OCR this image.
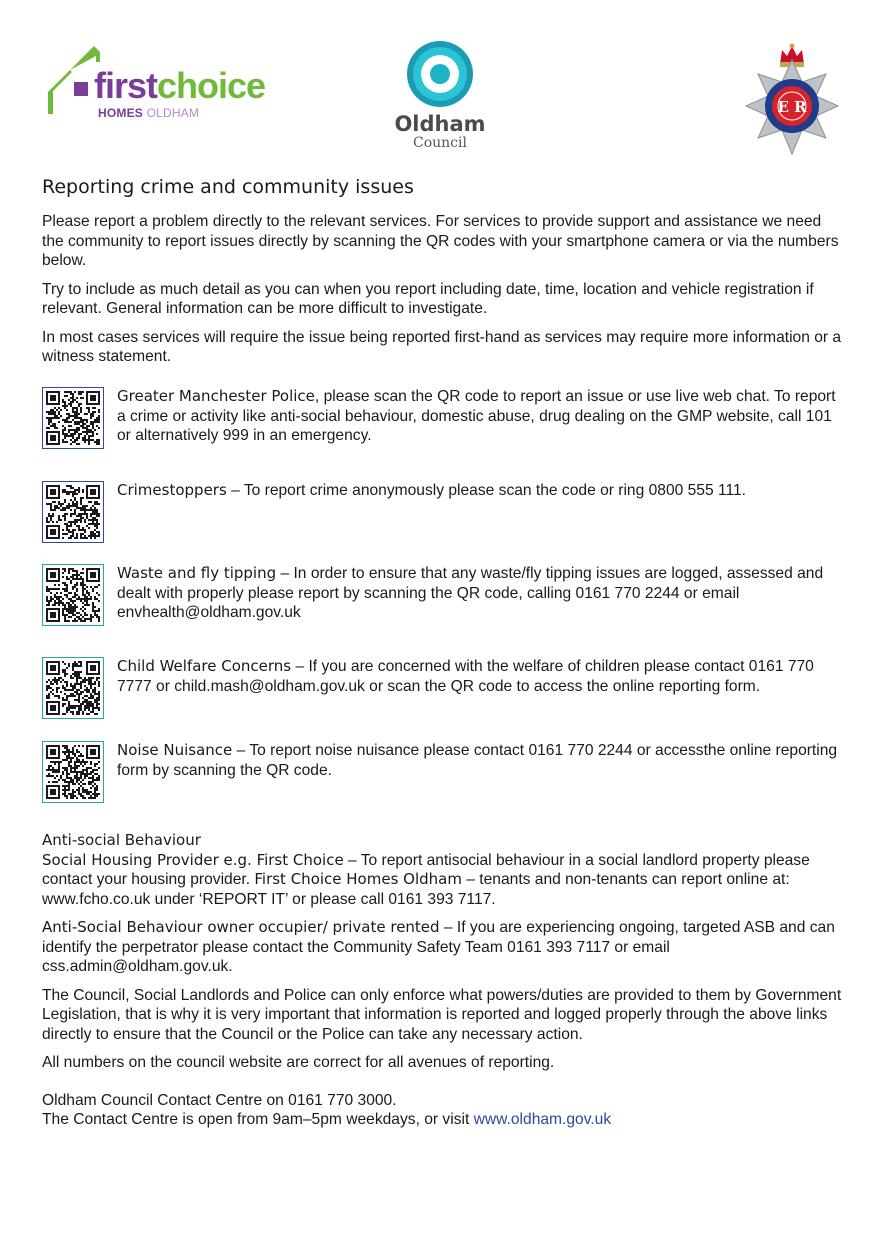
firstchoice
HOMES OLDHAM	Oldham
Council
E R
Reporting crime and community issues

Please report a problem directly to the relevant services. For services to provide support and assistance we need the community to report issues directly by scanning the QR codes with your smartphone camera or via the numbers below.

Try to include as much detail as you can when you report including date, time, location and vehicle registration if relevant. General information can be more difficult to investigate.

In most cases services will require the issue being reported first-hand as services may require more information or a witness statement.

Greater Manchester Police, please scan the QR code to report an issue or use live web chat. To report a crime or activity like anti-social behaviour, domestic abuse, drug dealing on the GMP website, call 101 or alternatively 999 in an emergency.
Crimestoppers – To report crime anonymously please scan the code or ring 0800 555 111.
Waste and fly tipping – In order to ensure that any waste/fly tipping issues are logged, assessed and dealt with properly please report by scanning the QR code, calling 0161 770 2244 or email envhealth@oldham.gov.uk
Child Welfare Concerns – If you are concerned with the welfare of children please contact 0161 770 7777 or child.mash@oldham.gov.uk or scan the QR code to access the online reporting form.
Noise Nuisance – To report noise nuisance please contact 0161 770 2244 or accessthe online reporting form by scanning the QR code.

Anti-social Behaviour

Social Housing Provider e.g. First Choice – To report antisocial behaviour in a social landlord property please contact your housing provider. First Choice Homes Oldham – tenants and non-tenants can report online at: www.fcho.co.uk under ‘REPORT IT’ or please call 0161 393 7117.

Anti-Social Behaviour owner occupier/ private rented – If you are experiencing ongoing, targeted ASB and can identify the perpetrator please contact the Community Safety Team 0161 393 7117 or email css.admin@oldham.gov.uk.

The Council, Social Landlords and Police can only enforce what powers/duties are provided to them by Government Legislation, that is why it is very important that information is reported and logged properly through the above links directly to ensure that the Council or the Police can take any necessary action.

All numbers on the council website are correct for all avenues of reporting.

Oldham Council Contact Centre on 0161 770 3000.

The Contact Centre is open from 9am–5pm weekdays, or visit www.oldham.gov.uk
